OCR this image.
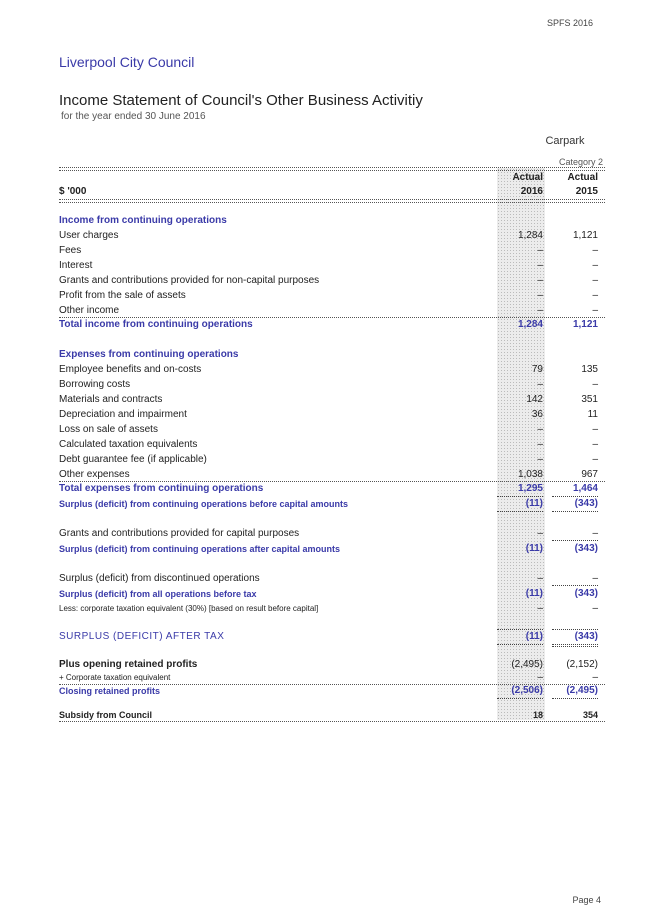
SPFS 2016
Liverpool City Council
Income Statement of Council's Other Business Activitiy
for the year ended 30 June 2016
Carpark
Category 2
Actual	Actual
$ '000	2016	2015
Income from continuing operations
User charges	1,284	1,121
Fees	–	–
Interest	–	–
Grants and contributions provided for non-capital purposes	–	–
Profit from the sale of assets	–	–
Other income	–	–
Total income from continuing operations	1,284	1,121
Expenses from continuing operations
Employee benefits and on-costs	79	135
Borrowing costs	–	–
Materials and contracts	142	351
Depreciation and impairment	36	11
Loss on sale of assets	–	–
Calculated taxation equivalents	–	–
Debt guarantee fee (if applicable)	–	–
Other expenses	1,038	967
Total expenses from continuing operations	1,295	1,464
Surplus (deficit) from continuing operations before capital amounts	(11)	(343)
Grants and contributions provided for capital purposes	–	–
Surplus (deficit) from continuing operations after capital amounts	(11)	(343)
Surplus (deficit) from discontinued operations	–	–
Surplus (deficit) from all operations before tax	(11)	(343)
Less: corporate taxation equivalent (30%) [based on result before capital]	–	–
SURPLUS (DEFICIT) AFTER TAX	(11)	(343)
Plus opening retained profits	(2,495)	(2,152)
+ Corporate taxation equivalent	–	–
Closing retained profits	(2,506)	(2,495)
Subsidy from Council	18	354
Page 4
